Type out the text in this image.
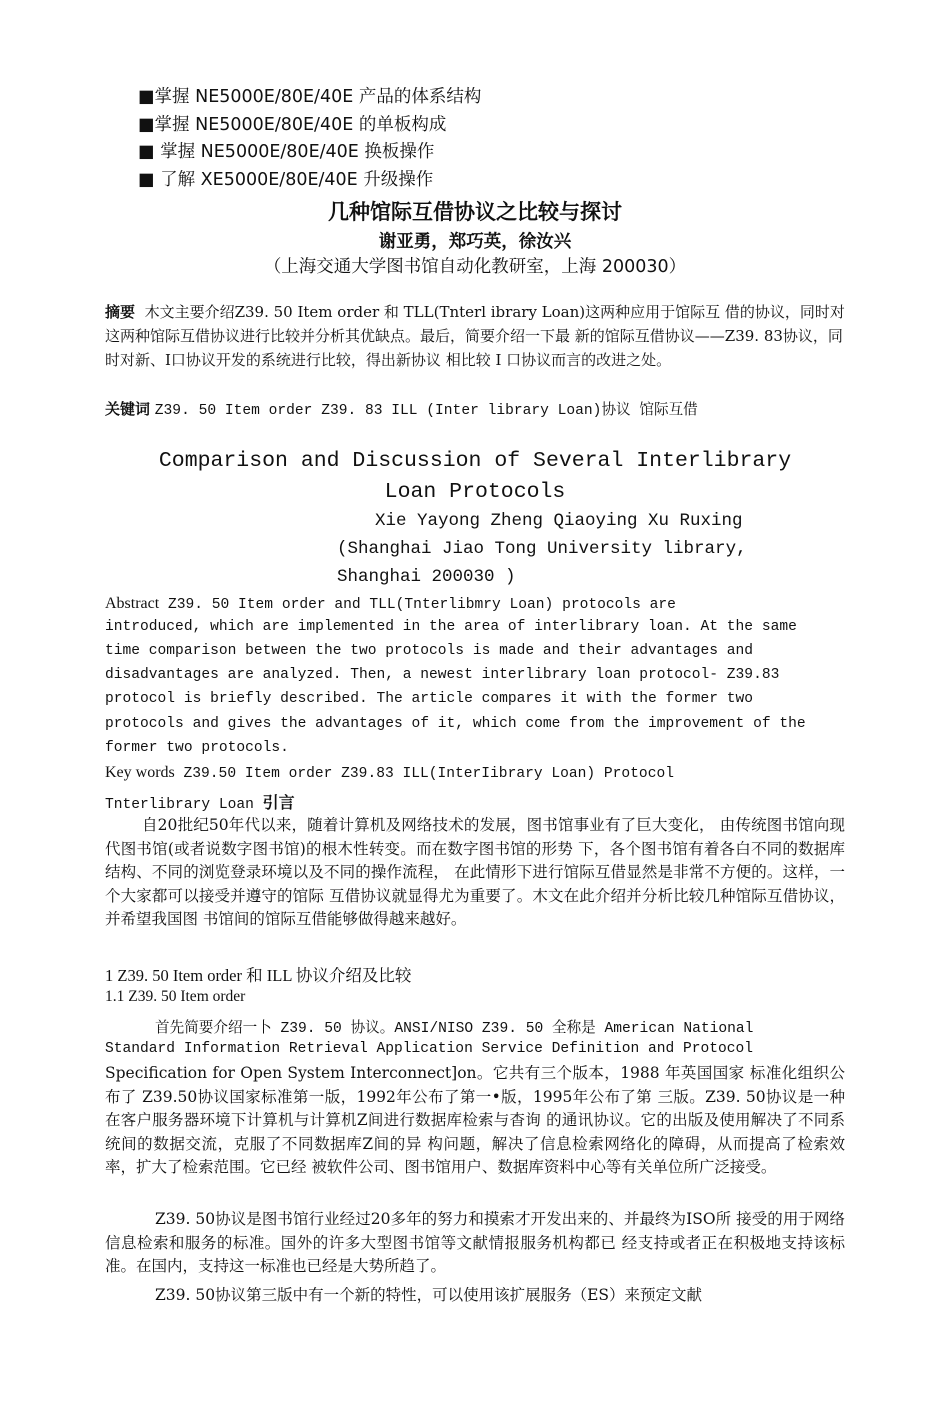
■掌握 NE5000E/80E/40E 产品的体系结构
■掌握 NE5000E/80E/40E 的单板构成
■ 掌握 NE5000E/80E/40E 换板操作
■ 了解 XE5000E/80E/40E 升级操作
几种馆际互借协议之比较与探讨
谢亚勇，郑巧英，徐汝兴
（上海交通大学图书馆自动化教研室，上海 200030）
摘要 木文主要介绍Z39. 50 Item order 和 TLL(Tnterl ibrary Loan)这两种应用于馆际互 借的协议，同时对这两种馆际互借协议进行比较并分析其优缺点。最后，简要介绍一下最 新的馆际互借协议——Z39. 83协议，同时对新、I口协议开发的系统进行比较，得出新协议 相比较 I 口协议而言的改进之处。
关键词 Z39. 50 Item order Z39. 83 ILL (Inter library Loan)协议 馆际互借
Comparison and Discussion of Several Interlibrary
Loan Protocols
Xie Yayong Zheng Qiaoying Xu Ruxing
(Shanghai Jiao Tong University library,
Shanghai 200030 )
Abstract Z39. 50 Item order and TLL(Tnterlibmry Loan) protocols are
introduced, which are implemented in the area of interlibrary loan. At the same
time comparison between the two protocols is made and their advantages and
disadvantages are analyzed. Then, a newest interlibrary loan protocol- Z39.83
protocol is briefly described. The article compares it with the former two
protocols and gives the advantages of it, which come from the improvement of the
former two protocols.
Key words Z39.50 Item order Z39.83 ILL(InterIibrary Loan) Protocol
Tnterlibrary Loan 引言
自20批纪50年代以来，随着计算机及网络技术的发展，图书馆事业有了巨大变化， 由传统图书馆向现代图书馆(或者说数字图书馆)的根木性转变。而在数字图书馆的形势 下，各个图书馆有着各白不同的数据库结构、不同的浏览登录环境以及不同的操作流程， 在此情形下进行馆际互借显然是非常不方便的。这样，一个大家都可以接受并遵守的馆际 互借协议就显得尤为重要了。木文在此介绍并分析比较几种馆际互借协议，并希望我国图 书馆间的馆际互借能够做得越来越好。
1 Z39. 50 Item order 和 ILL 协议介绍及比较
1.1 Z39. 50 Item order
首先简要介绍一卜 Z39. 50 协议。ANSI/NISO Z39. 50 全称是 American National
Standard Information Retrieval Application Service Definition and Protocol
Specification for Open System Interconnect]on。它共有三个版本，1988 年英国国家 标准化组织公布了 Z39.50协议国家标准第一版，1992年公布了第一•版，1995年公布了第 三版。Z39. 50协议是一种在客户服务器环境下计算机与计算机Z间进行数据库检索与杳询 的通讯协议。它的出版及使用解决了不同系统间的数据交流，克服了不同数据库Z间的异 构问题，解决了信息检索网络化的障碍，从而提高了检索效率，扩大了检索范围。它已经 被软件公司、图书馆用户、数据库资料中心等有关单位所广泛接受。
Z39. 50协议是图书馆行业经过20多年的努力和摸索才开发出来的、并最终为ISO所 接受的用于网络信息检索和服务的标准。国外的许多大型图书馆等文献情报服务机构都已 经支持或者正在积极地支持该标准。在国内，支持这一标准也已经是大势所趋了。
Z39. 50协议第三版中有一个新的特性，可以使用该扩展服务（ES）来预定文献
